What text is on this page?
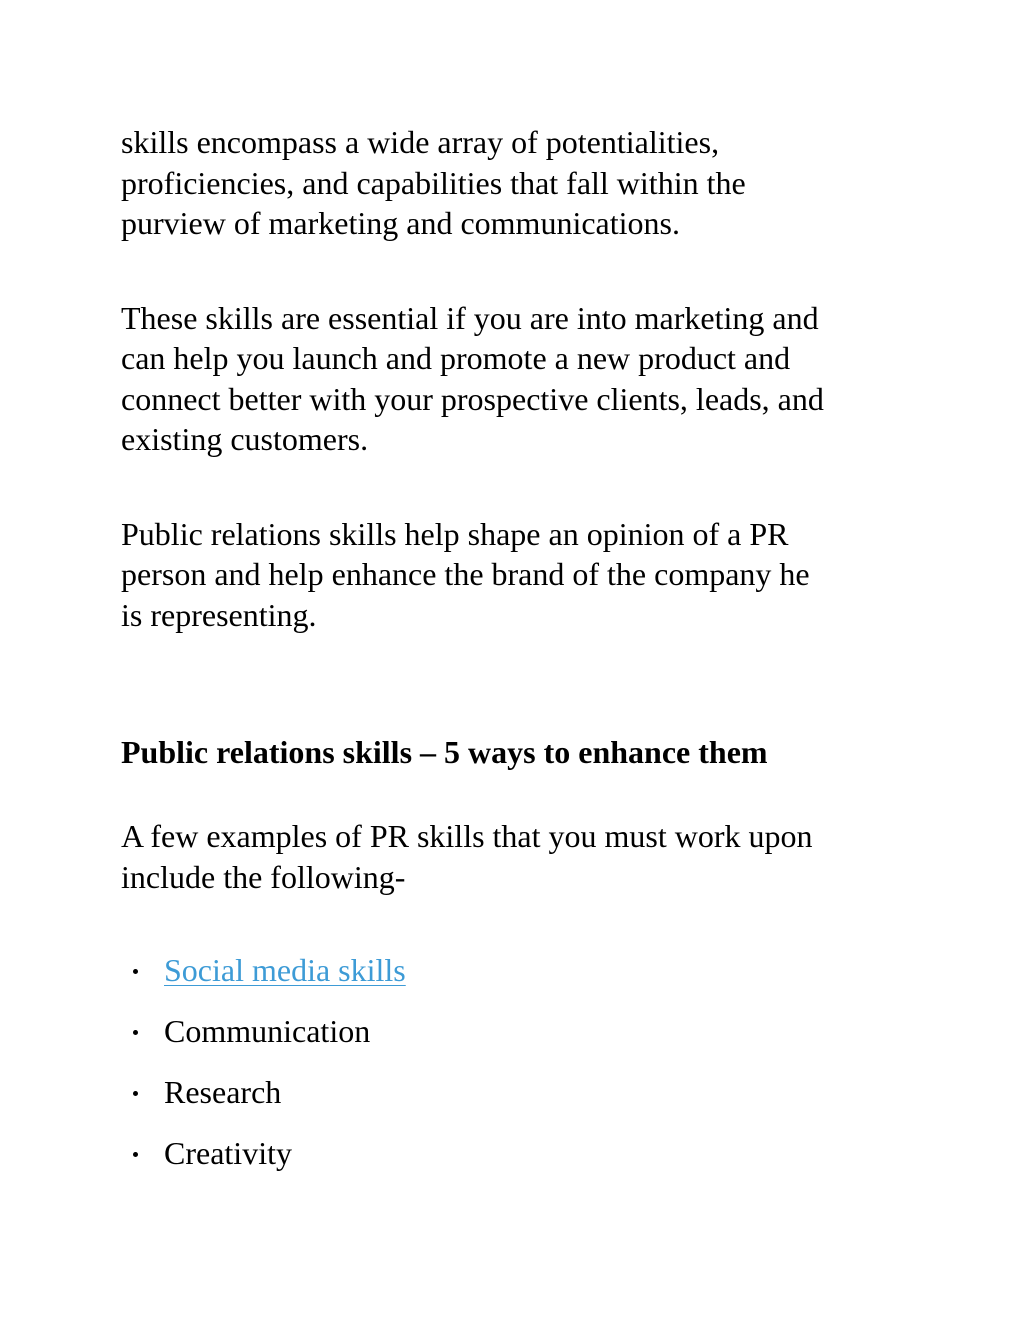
skills encompass a wide array of potentialities,
proficiencies, and capabilities that fall within the
purview of marketing and communications.

These skills are essential if you are into marketing and
can help you launch and promote a new product and
connect better with your prospective clients, leads, and
existing customers.

Public relations skills help shape an opinion of a PR
person and help enhance the brand of the company he
is representing.

Public relations skills – 5 ways to enhance them

A few examples of PR skills that you must work upon
include the following-

Social media skills
Communication
Research
Creativity
